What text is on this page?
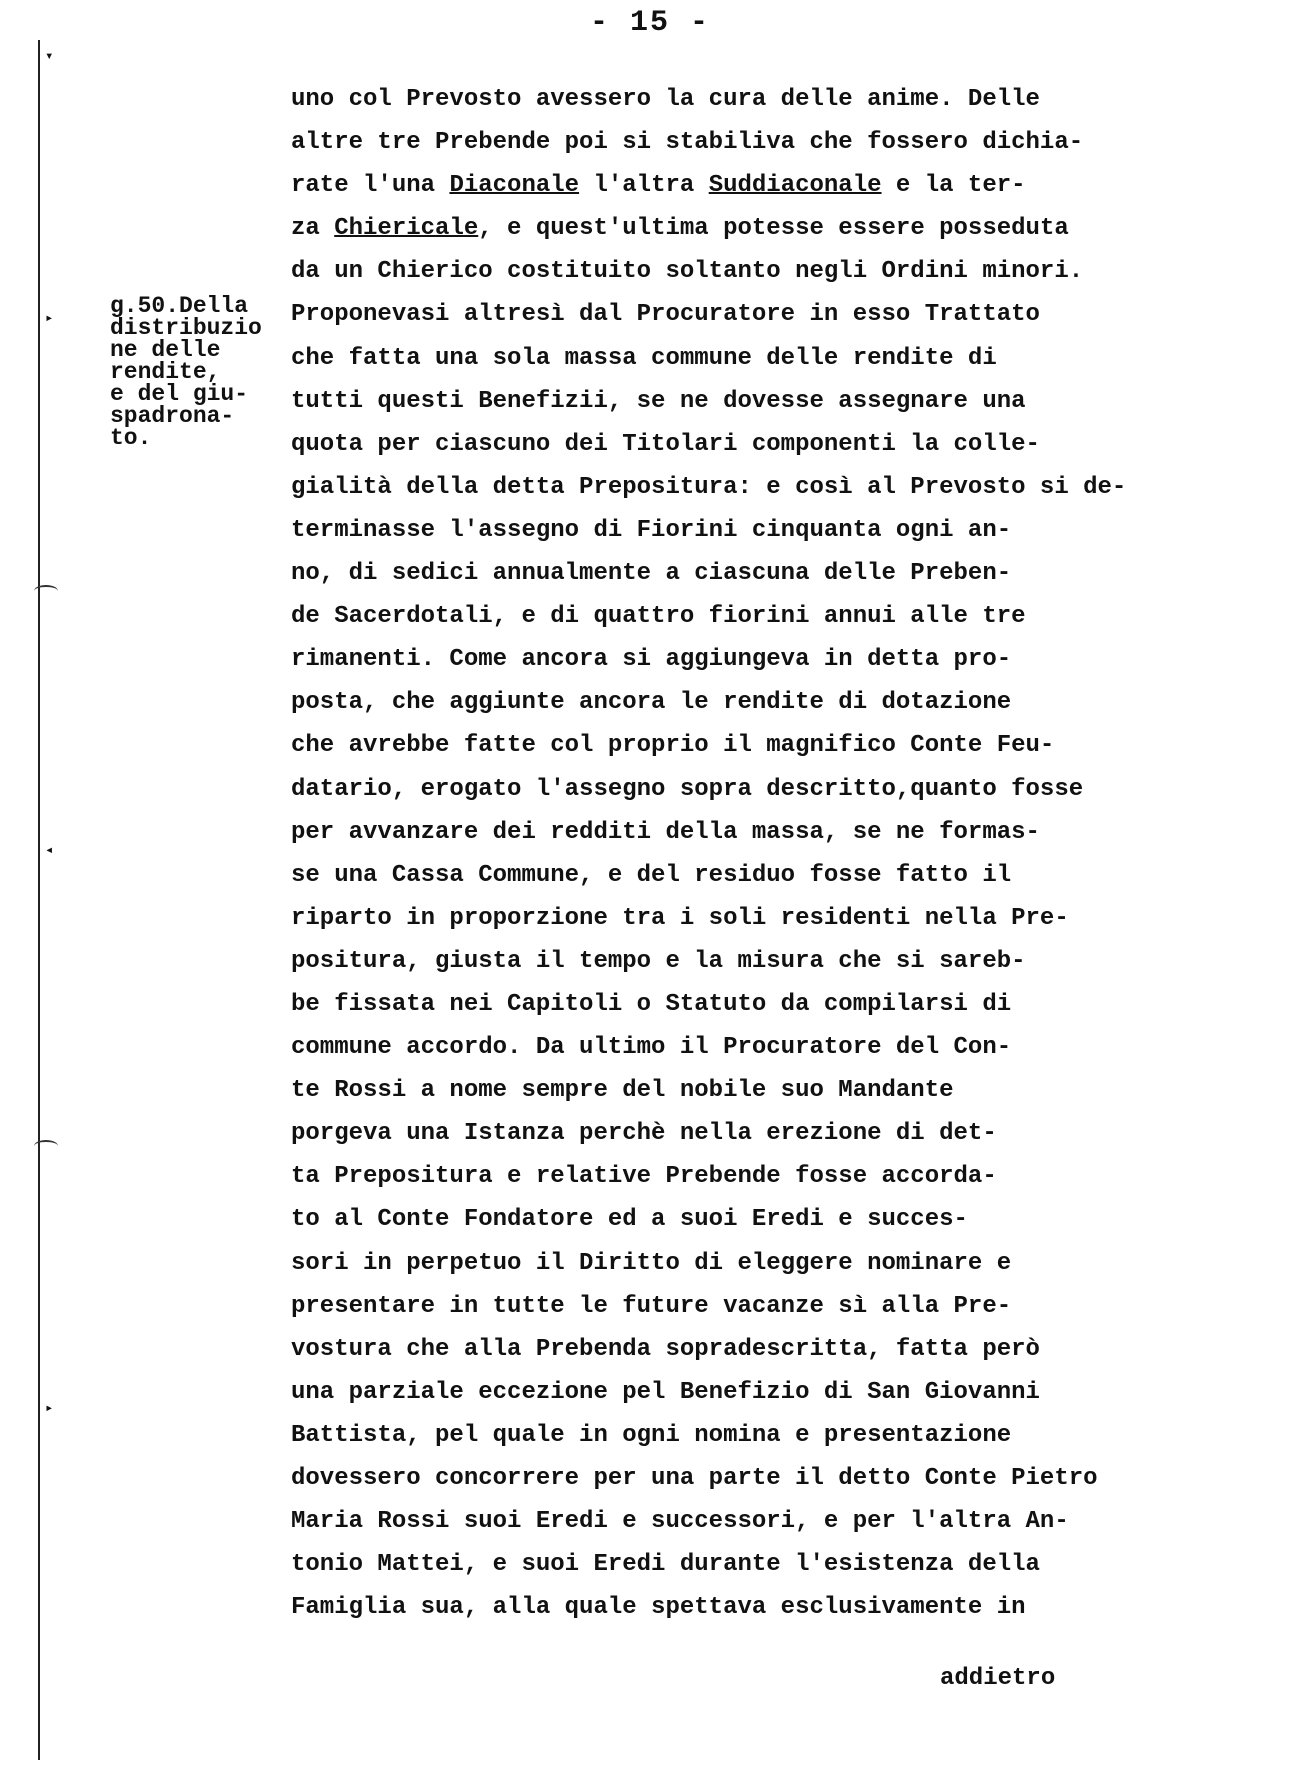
- 15 -
▾
▸
◂
▸
g.50.Della
distribuzio
ne delle
rendite,
e del giu-
spadrona-
to.
uno col Prevosto avessero la cura delle anime. Delle
altre tre Prebende poi si stabiliva che fossero dichia-
rate l'una Diaconale l'altra Suddiaconale e la ter-
za Chiericale, e quest'ultima potesse essere posseduta
da un Chierico costituito soltanto negli Ordini minori.
Proponevasi altresì dal Procuratore in esso Trattato
che fatta una sola massa commune delle rendite di
tutti questi Benefizii, se ne dovesse assegnare una
quota per ciascuno dei Titolari componenti la colle-
gialità della detta Prepositura: e così al Prevosto si de-
terminasse l'assegno di Fiorini cinquanta ogni an-
no, di sedici annualmente a ciascuna delle Preben-
de Sacerdotali, e di quattro fiorini annui alle tre
rimanenti. Come ancora si aggiungeva in detta pro-
posta, che aggiunte ancora le rendite di dotazione
che avrebbe fatte col proprio il magnifico Conte Feu-
datario, erogato l'assegno sopra descritto,quanto fosse
per avvanzare dei redditi della massa, se ne formas-
se una Cassa Commune, e del residuo fosse fatto il
riparto in proporzione tra i soli residenti nella Pre-
positura, giusta il tempo e la misura che si sareb-
be fissata nei Capitoli o Statuto da compilarsi di
commune accordo. Da ultimo il Procuratore del Con-
te Rossi a nome sempre del nobile suo Mandante
porgeva una Istanza perchè nella erezione di det-
ta Prepositura e relative Prebende fosse accorda-
to al Conte Fondatore ed a suoi Eredi e succes-
sori in perpetuo il Diritto di eleggere nominare e
presentare in tutte le future vacanze sì alla Pre-
vostura che alla Prebenda sopradescritta, fatta però
una parziale eccezione pel Benefizio di San Giovanni
Battista, pel quale in ogni nomina e presentazione
dovessero concorrere per una parte il detto Conte Pietro
Maria Rossi suoi Eredi e successori, e per l'altra An-
tonio Mattei, e suoi Eredi durante l'esistenza della
Famiglia sua, alla quale spettava esclusivamente in
addietro
